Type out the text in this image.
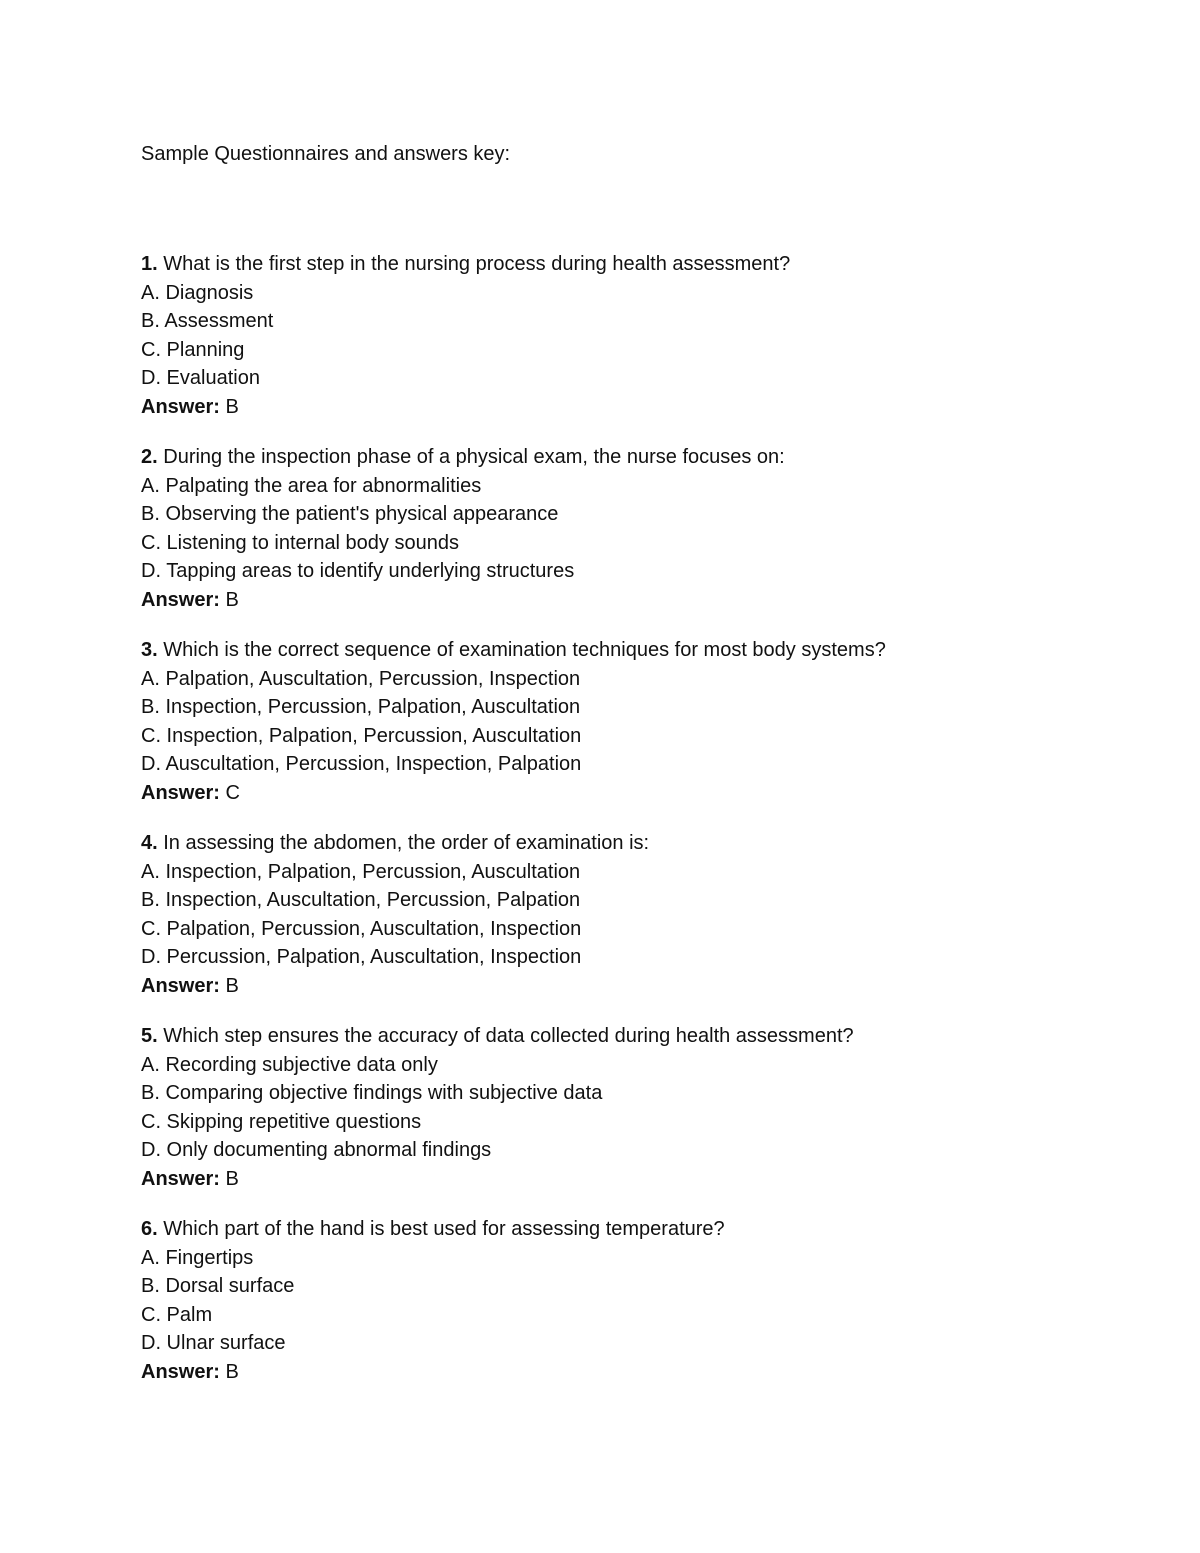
Sample Questionnaires and answers key:
1. What is the first step in the nursing process during health assessment?
A. Diagnosis
B. Assessment
C. Planning
D. Evaluation
Answer: B
2. During the inspection phase of a physical exam, the nurse focuses on:
A. Palpating the area for abnormalities
B. Observing the patient's physical appearance
C. Listening to internal body sounds
D. Tapping areas to identify underlying structures
Answer: B
3. Which is the correct sequence of examination techniques for most body systems?
A. Palpation, Auscultation, Percussion, Inspection
B. Inspection, Percussion, Palpation, Auscultation
C. Inspection, Palpation, Percussion, Auscultation
D. Auscultation, Percussion, Inspection, Palpation
Answer: C
4. In assessing the abdomen, the order of examination is:
A. Inspection, Palpation, Percussion, Auscultation
B. Inspection, Auscultation, Percussion, Palpation
C. Palpation, Percussion, Auscultation, Inspection
D. Percussion, Palpation, Auscultation, Inspection
Answer: B
5. Which step ensures the accuracy of data collected during health assessment?
A. Recording subjective data only
B. Comparing objective findings with subjective data
C. Skipping repetitive questions
D. Only documenting abnormal findings
Answer: B
6. Which part of the hand is best used for assessing temperature?
A. Fingertips
B. Dorsal surface
C. Palm
D. Ulnar surface
Answer: B
